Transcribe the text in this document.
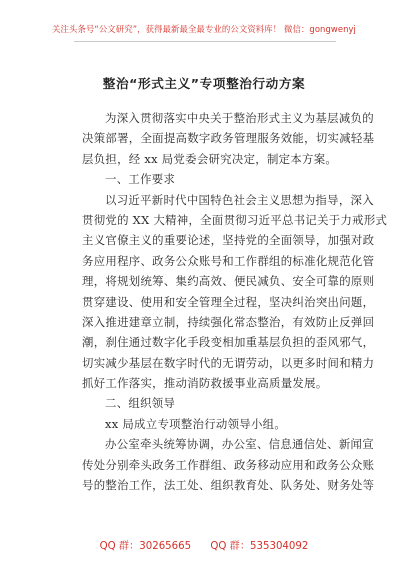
关注头条号“公文研究”，获得最新最全最专业的公文资料库！ 微信：gongwenyj
整治“形式主义”专项整治行动方案
为深入贯彻落实中央关于整治形式主义为基层减负的
决策部署，全面提高数字政务管理服务效能，切实减轻基
层负担，经 xx 局党委会研究决定，制定本方案。
一、工作要求
以习近平新时代中国特色社会主义思想为指导，深入
贯彻党的 XX 大精神，全面贯彻习近平总书记关于力戒形式
主义官僚主义的重要论述，坚持党的全面领导，加强对政
务应用程序、政务公众账号和工作群组的标准化规范化管
理，将规划统筹、集约高效、便民减负、安全可靠的原则
贯穿建设、使用和安全管理全过程，坚决纠治突出问题，
深入推进建章立制，持续强化常态整治，有效防止反弹回
潮，刹住通过数字化手段变相加重基层负担的歪风邪气，
切实减少基层在数字时代的无谓劳动，以更多时间和精力
抓好工作落实，推动消防救援事业高质量发展。
二、组织领导
xx 局成立专项整治行动领导小组。
办公室牵头统筹协调，办公室、信息通信处、新闻宣
传处分别牵头政务工作群组、政务移动应用和政务公众账
号的整治工作，法工处、组织教育处、队务处、财务处等
QQ 群：30265665 QQ 群：535304092
